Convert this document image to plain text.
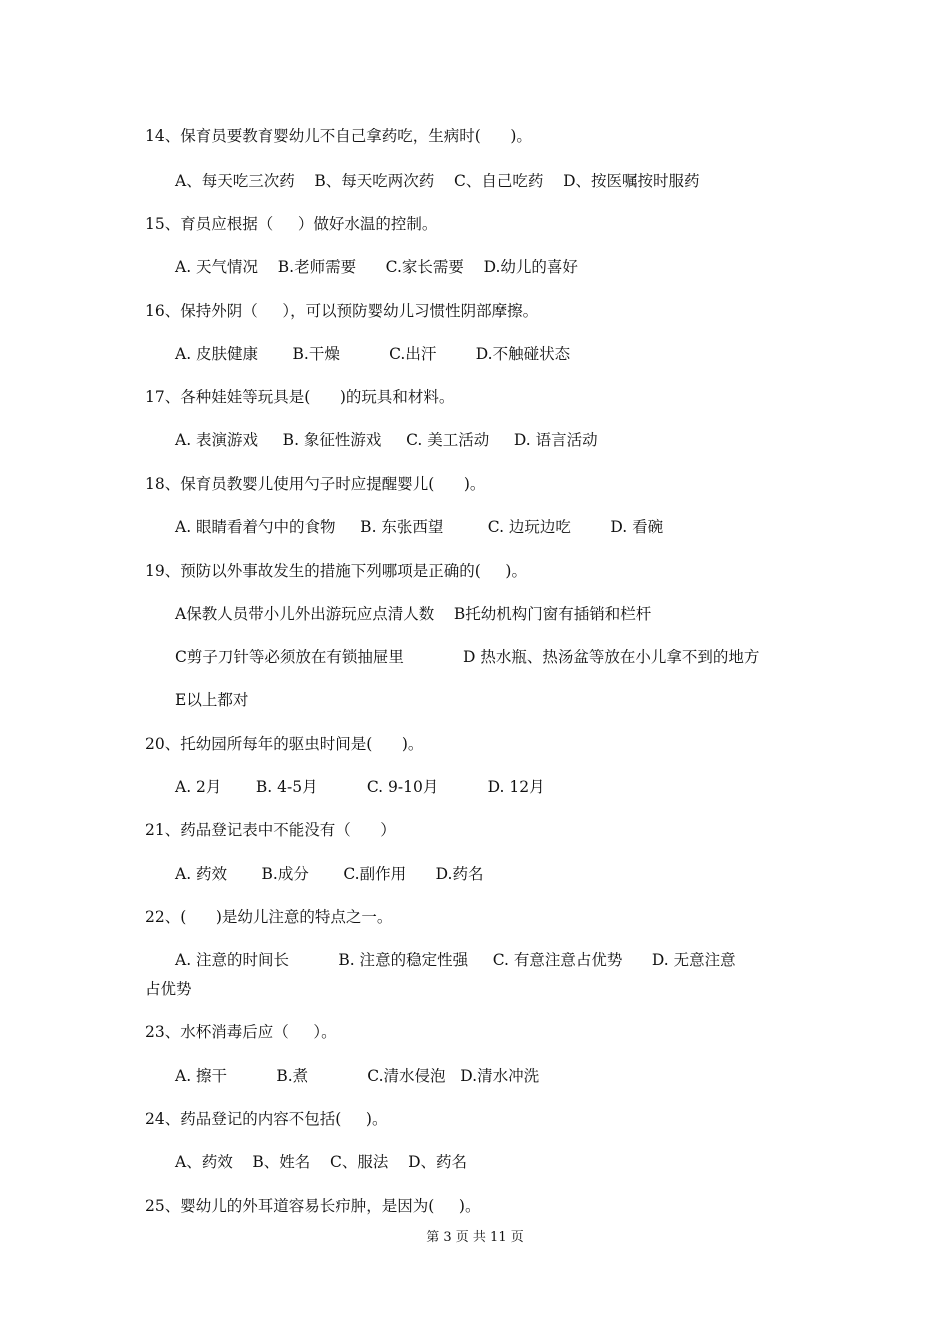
14、保育员要教育婴幼儿不自己拿药吃，生病时(      )。
A、每天吃三次药    B、每天吃两次药    C、自己吃药    D、按医嘱按时服药
15、育员应根据（     ）做好水温的控制。
A. 天气情况    B.老师需要      C.家长需要    D.幼儿的喜好
16、保持外阴（     ），可以预防婴幼儿习惯性阴部摩擦。
A. 皮肤健康       B.干燥          C.出汗        D.不触碰状态
17、各种娃娃等玩具是(      )的玩具和材料。
A. 表演游戏     B. 象征性游戏     C. 美工活动     D. 语言活动
18、保育员教婴儿使用勺子时应提醒婴儿(      )。
A. 眼睛看着勺中的食物     B. 东张西望         C. 边玩边吃        D. 看碗
19、预防以外事故发生的措施下列哪项是正确的(     )。
A保教人员带小儿外出游玩应点清人数    B托幼机构门窗有插销和栏杆
C剪子刀针等必须放在有锁抽屉里            D 热水瓶、热汤盆等放在小儿拿不到的地方
E以上都对
20、托幼园所每年的驱虫时间是(      )。
A. 2月       B. 4-5月          C. 9-10月          D. 12月
21、药品登记表中不能没有（      ）
A. 药效       B.成分       C.副作用      D.药名
22、(      )是幼儿注意的特点之一。
A. 注意的时间长          B. 注意的稳定性强     C. 有意注意占优势      D. 无意注意
占优势
23、水杯消毒后应（     ）。
A. 擦干          B.煮            C.清水侵泡   D.清水冲洗
24、药品登记的内容不包括(     )。
A、药效    B、姓名    C、服法    D、药名
25、婴幼儿的外耳道容易长疖肿，是因为(     )。
第 3 页 共 11 页
